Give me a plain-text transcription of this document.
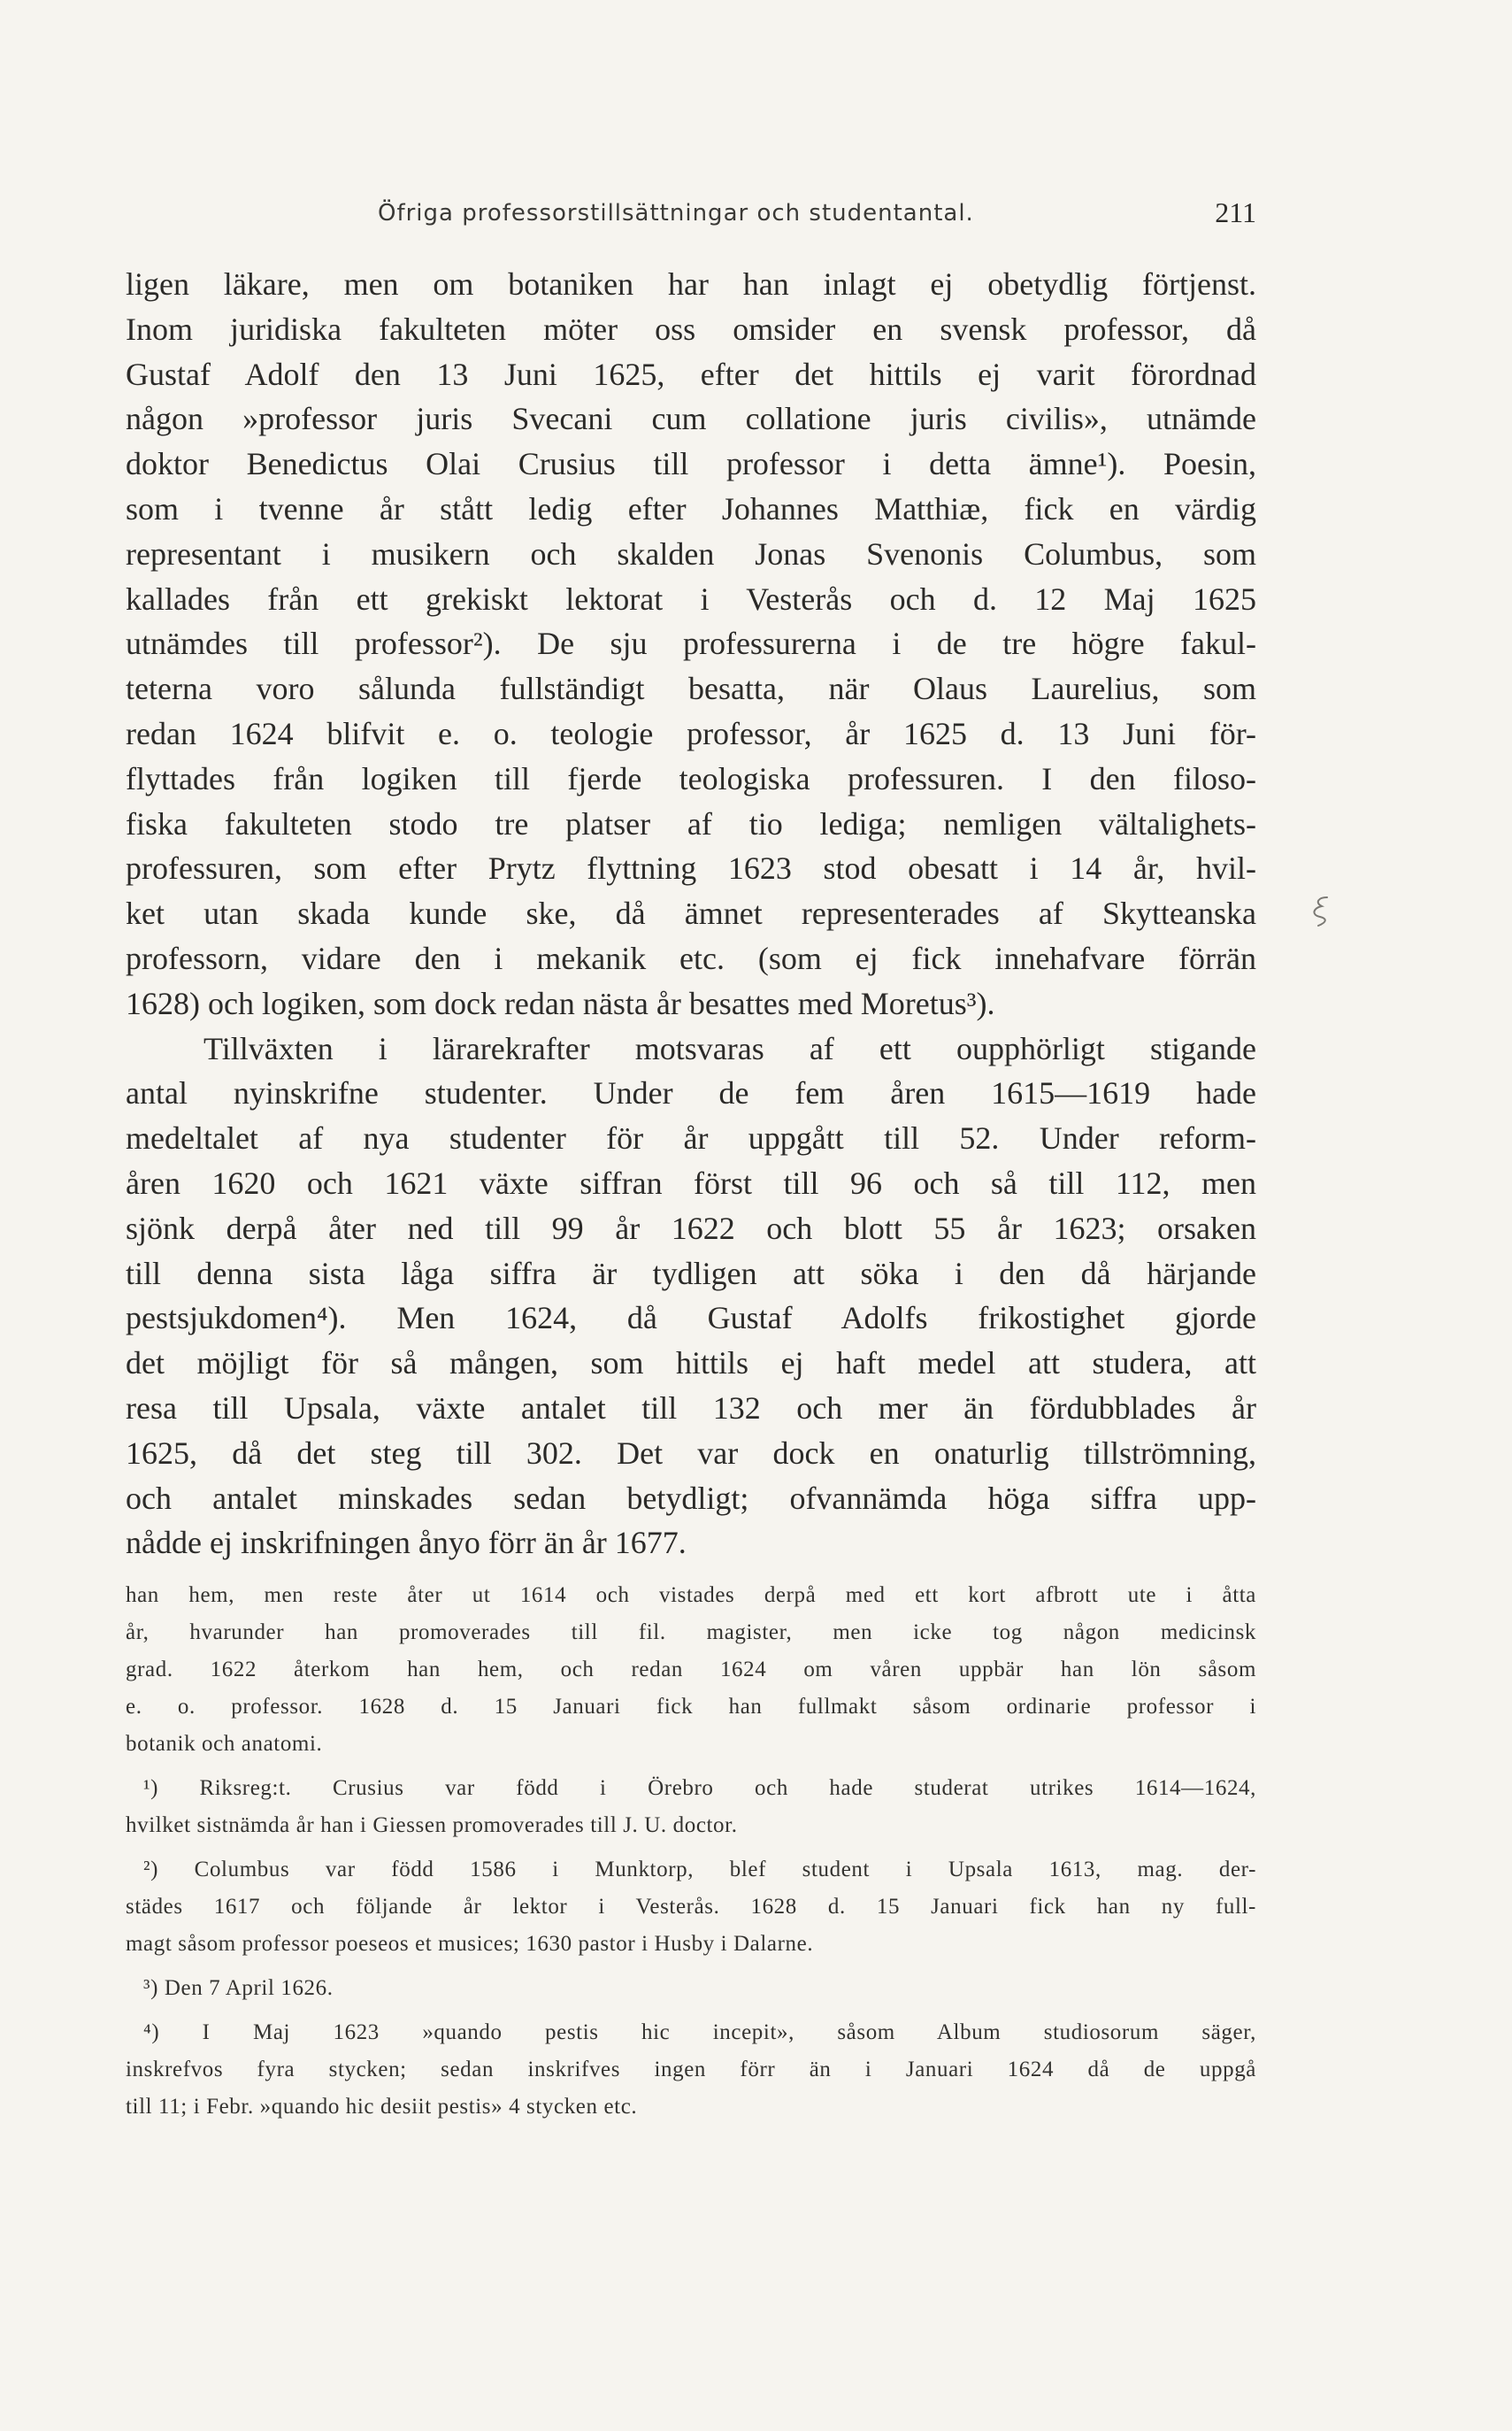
Öfriga professorstillsättningar och studentantal.	211
ligen läkare, men om botaniken har han inlagt ej obetydlig förtjenst.
Inom juridiska fakulteten möter oss omsider en svensk professor, då
Gustaf Adolf den 13 Juni 1625, efter det hittils ej varit förordnad
någon »professor juris Svecani cum collatione juris civilis», utnämde
doktor Benedictus Olai Crusius till professor i detta ämne¹). Poesin,
som i tvenne år stått ledig efter Johannes Matthiæ, fick en värdig
representant i musikern och skalden Jonas Svenonis Columbus, som
kallades från ett grekiskt lektorat i Vesterås och d. 12 Maj 1625
utnämdes till professor²). De sju professurerna i de tre högre fakul-
teterna voro sålunda fullständigt besatta, när Olaus Laurelius, som
redan 1624 blifvit e. o. teologie professor, år 1625 d. 13 Juni för-
flyttades från logiken till fjerde teologiska professuren. I den filoso-
fiska fakulteten stodo tre platser af tio lediga; nemligen vältalighets-
professuren, som efter Prytz flyttning 1623 stod obesatt i 14 år, hvil-
ket utan skada kunde ske, då ämnet representerades af Skytteanska
professorn, vidare den i mekanik etc. (som ej fick innehafvare förrän
1628) och logiken, som dock redan nästa år besattes med Moretus³).
Tillväxten i lärarekrafter motsvaras af ett oupphörligt stigande
antal nyinskrifne studenter. Under de fem åren 1615—1619 hade
medeltalet af nya studenter för år uppgått till 52. Under reform-
åren 1620 och 1621 växte siffran först till 96 och så till 112, men
sjönk derpå åter ned till 99 år 1622 och blott 55 år 1623; orsaken
till denna sista låga siffra är tydligen att söka i den då härjande
pestsjukdomen⁴). Men 1624, då Gustaf Adolfs frikostighet gjorde
det möjligt för så mången, som hittils ej haft medel att studera, att
resa till Upsala, växte antalet till 132 och mer än fördubblades år
1625, då det steg till 302. Det var dock en onaturlig tillströmning,
och antalet minskades sedan betydligt; ofvannämda höga siffra upp-
nådde ej inskrifningen ånyo förr än år 1677.
han hem, men reste åter ut 1614 och vistades derpå med ett kort afbrott ute i åtta
år, hvarunder han promoverades till fil. magister, men icke tog någon medicinsk
grad. 1622 återkom han hem, och redan 1624 om våren uppbär han lön såsom
e. o. professor. 1628 d. 15 Januari fick han fullmakt såsom ordinarie professor i
botanik och anatomi.
¹) Riksreg:t. Crusius var född i Örebro och hade studerat utrikes 1614—1624,
hvilket sistnämda år han i Giessen promoverades till J. U. doctor.
²) Columbus var född 1586 i Munktorp, blef student i Upsala 1613, mag. der-
städes 1617 och följande år lektor i Vesterås. 1628 d. 15 Januari fick han ny full-
magt såsom professor poeseos et musices; 1630 pastor i Husby i Dalarne.
³) Den 7 April 1626.
⁴) I Maj 1623 »quando pestis hic incepit», såsom Album studiosorum säger,
inskrefvos fyra stycken; sedan inskrifves ingen förr än i Januari 1624 då de uppgå
till 11; i Febr. »quando hic desiit pestis» 4 stycken etc.
